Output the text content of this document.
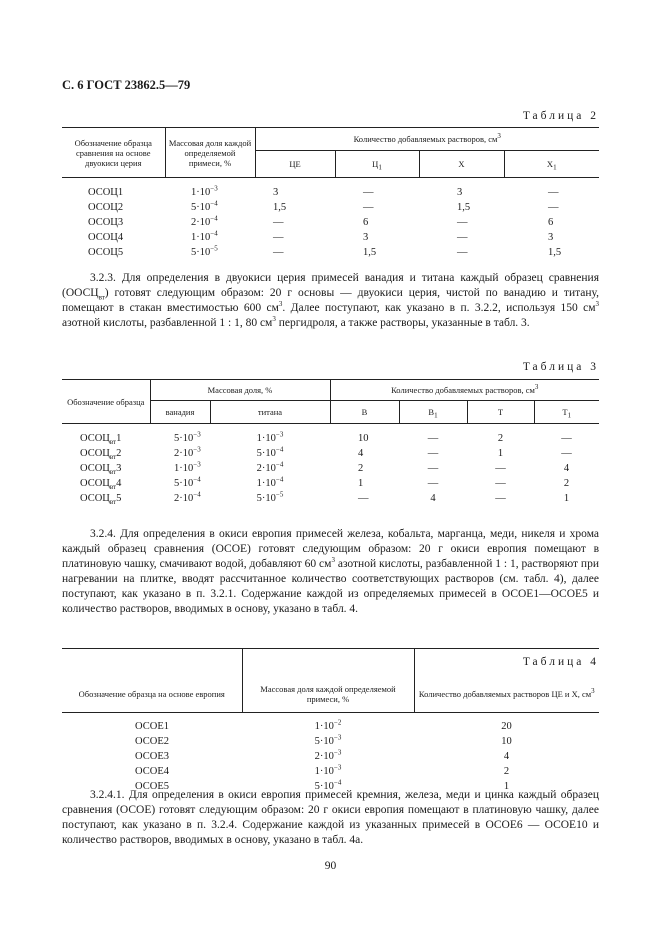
С. 6 ГОСТ 23862.5—79
Таблица 2
Обозначение образца сравнения на основе двуокиси церия	Массовая доля каждой определяемой примеси, %	Количество добавляемых растворов, $см^3$
		ЦЕ	$Ц_1$	Х	$Х_1$
ОСОЦ1	$1\cdot 10^{-3}$	3	—	3	—
ОСОЦ2	$5\cdot 10^{-4}$	1,5	—	1,5	—
ОСОЦ3	$2\cdot 10^{-4}$	—	6	—	6
ОСОЦ4	$1\cdot 10^{-4}$	—	3	—	3
ОСОЦ5	$5\cdot 10^{-5}$	—	1,5	—	1,5

3.2.3. Для определения в двуокиси церия примесей ванадия и титана каждый образец сравнения $(ООСЦ_{вт})$ готовят следующим образом: 20 г основы — двуокиси церия, чистой по ванадию и титану, помещают в стакан вместимостью 600 $см^3$. Далее поступают, как указано в п. 3.2.2, используя 150 $см^3$ азотной кислоты, разбавленной 1 : 1, 80 $см^3$ пергидроля, а также растворы, указанные в табл. 3.

Таблица 3
Обозначение образца	Массовая доля, %		Количество добавляемых растворов, $см^3$
	ванадия	титана	В	$В_1$	Т	$Т_1$
$ОСОЦ_{вт}1$	$5\cdot 10^{-3}$	$1\cdot 10^{-3}$	10	—	2	—
$ОСОЦ_{вт}2$	$2\cdot 10^{-3}$	$5\cdot 10^{-4}$	4	—	1	—
$ОСОЦ_{вт}3$	$1\cdot 10^{-3}$	$2\cdot 10^{-4}$	2	—	—	4
$ОСОЦ_{вт}4$	$5\cdot 10^{-4}$	$1\cdot 10^{-4}$	1	—	—	2
$ОСОЦ_{вт}5$	$2\cdot 10^{-4}$	$5\cdot 10^{-5}$	—	4	—	1

3.2.4. Для определения в окиси европия примесей железа, кобальта, марганца, меди, никеля и хрома каждый образец сравнения (ОСОЕ) готовят следующим образом: 20 г окиси европия помещают в платиновую чашку, смачивают водой, добавляют 60 $см^3$ азотной кислоты, разбавленной 1 : 1, растворяют при нагревании на плитке, вводят рассчитанное количество соответствующих растворов (см. табл. 4), далее поступают, как указано в п. 3.2.1. Содержание каждой из определяемых примесей в ОСОЕ1—ОСОЕ5 и количество растворов, вводимых в основу, указано в табл. 4.

Таблица 4
Обозначение образца на основе европия	Массовая доля каждой определяемой примеси, %	Количество добавляемых растворов ЦЕ и Х, $см^3$
ОСОЕ1	$1\cdot 10^{-2}$	20
ОСОЕ2	$5\cdot 10^{-3}$	10
ОСОЕ3	$2\cdot 10^{-3}$	4
ОСОЕ4	$1\cdot 10^{-3}$	2
ОСОЕ5	$5\cdot 10^{-4}$	1

3.2.4.1. Для определения в окиси европия примесей кремния, железа, меди и цинка каждый образец сравнения (ОСОЕ) готовят следующим образом: 20 г окиси европия помещают в платиновую чашку, далее поступают, как указано в п. 3.2.4. Содержание каждой из указанных примесей в ОСОЕ6 — ОСОЕ10 и количество растворов, вводимых в основу, указано в табл. 4а.

90
